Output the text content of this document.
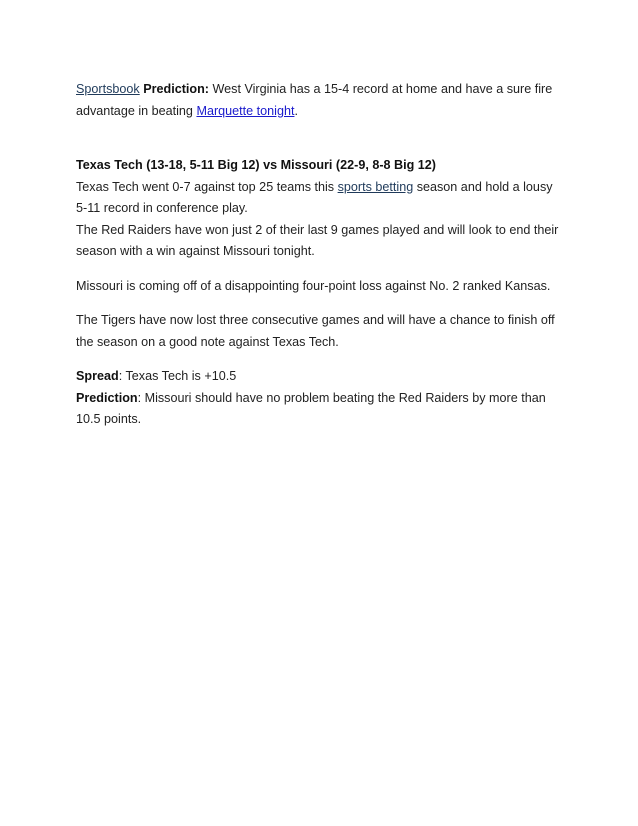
Sportsbook Prediction: West Virginia has a 15-4 record at home and have a sure fire advantage in beating Marquette tonight.

Texas Tech (13-18, 5-11 Big 12) vs Missouri (22-9, 8-8 Big 12)

Texas Tech went 0-7 against top 25 teams this sports betting season and hold a lousy 5-11 record in conference play.

The Red Raiders have won just 2 of their last 9 games played and will look to end their season with a win against Missouri tonight.

Missouri is coming off of a disappointing four-point loss against No. 2 ranked Kansas.

The Tigers have now lost three consecutive games and will have a chance to finish off the season on a good note against Texas Tech.

Spread: Texas Tech is +10.5

Prediction: Missouri should have no problem beating the Red Raiders by more than 10.5 points.
